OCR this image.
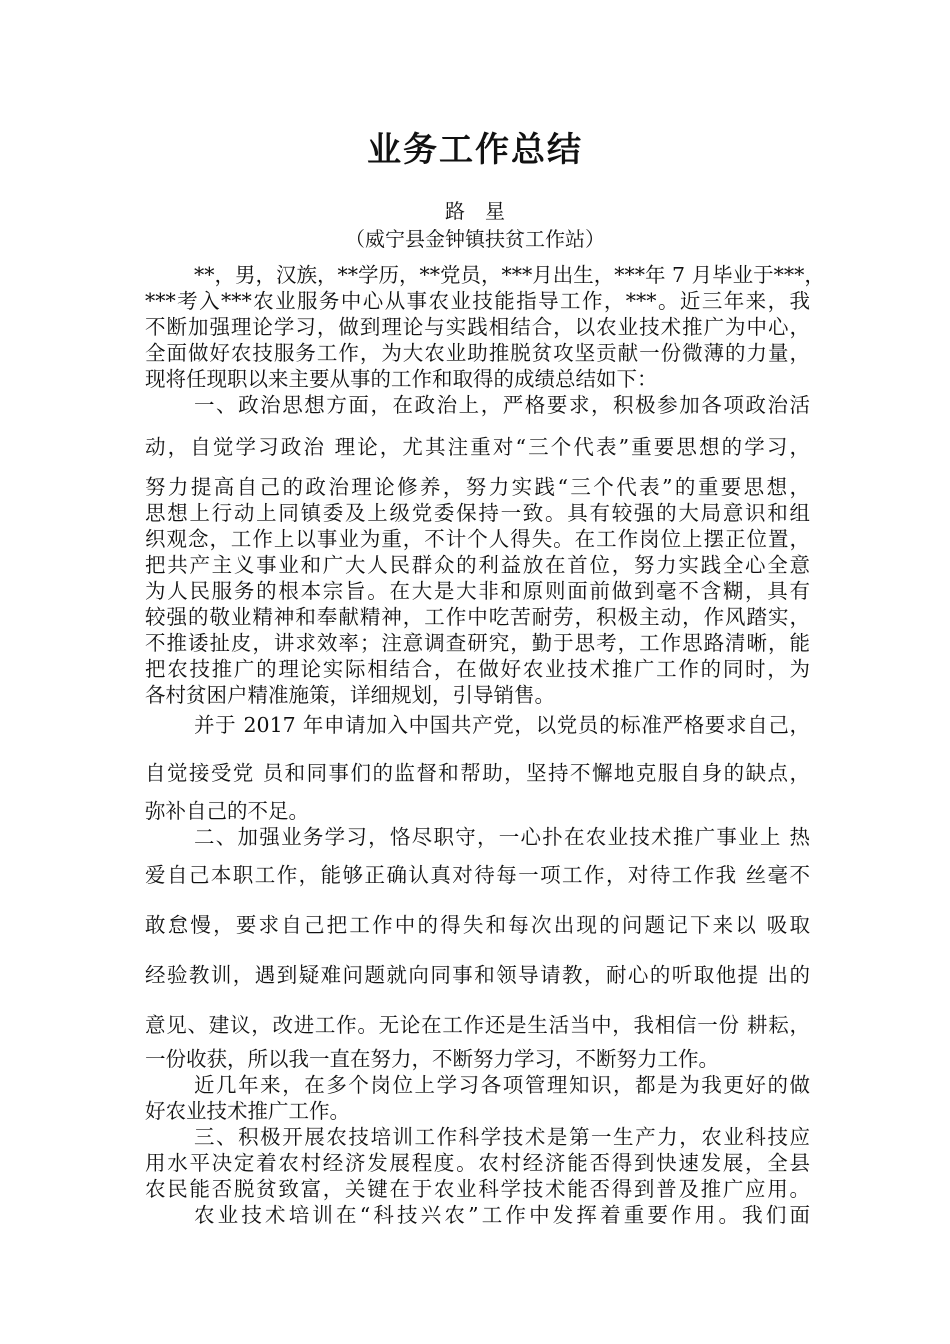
业务工作总结
路　星
（威宁县金钟镇扶贫工作站）
**，男，汉族，**学历，**党员，***月出生，***年 7 月毕业于***，
***考入***农业服务中心从事农业技能指导工作，***。近三年来，我
不断加强理论学习，做到理论与实践相结合，以农业技术推广为中心，
全面做好农技服务工作，为大农业助推脱贫攻坚贡献一份微薄的力量，
现将任现职以来主要从事的工作和取得的成绩总结如下：
一、政治思想方面，在政治上，严格要求，积极参加各项政治活
动，自觉学习政治 理论，尤其注重对“三个代表”重要思想的学习，
努力提高自己的政治理论修养，努力实践“三个代表”的重要思想，
思想上行动上同镇委及上级党委保持一致。具有较强的大局意识和组
织观念，工作上以事业为重，不计个人得失。在工作岗位上摆正位置，
把共产主义事业和广大人民群众的利益放在首位，努力实践全心全意
为人民服务的根本宗旨。在大是大非和原则面前做到毫不含糊，具有
较强的敬业精神和奉献精神，工作中吃苦耐劳，积极主动，作风踏实，
不推诿扯皮，讲求效率；注意调查研究，勤于思考，工作思路清晰，能
把农技推广的理论实际相结合，在做好农业技术推广工作的同时，为
各村贫困户精准施策，详细规划，引导销售。
并于 2017 年申请加入中国共产党，以党员的标准严格要求自己，
自觉接受党 员和同事们的监督和帮助，坚持不懈地克服自身的缺点，
弥补自己的不足。
二、加强业务学习，恪尽职守，一心扑在农业技术推广事业上 热
爱自己本职工作，能够正确认真对待每一项工作，对待工作我 丝毫不
敢怠慢，要求自己把工作中的得失和每次出现的问题记下来以 吸取
经验教训，遇到疑难问题就向同事和领导请教，耐心的听取他提 出的
意见、建议，改进工作。无论在工作还是生活当中，我相信一份 耕耘，
一份收获，所以我一直在努力，不断努力学习，不断努力工作。
近几年来，在多个岗位上学习各项管理知识，都是为我更好的做
好农业技术推广工作。
三、积极开展农技培训工作科学技术是第一生产力，农业科技应
用水平决定着农村经济发展程度。农村经济能否得到快速发展，全县
农民能否脱贫致富，关键在于农业科学技术能否得到普及推广应用。
农业技术培训在“科技兴农”工作中发挥着重要作用。我们面
